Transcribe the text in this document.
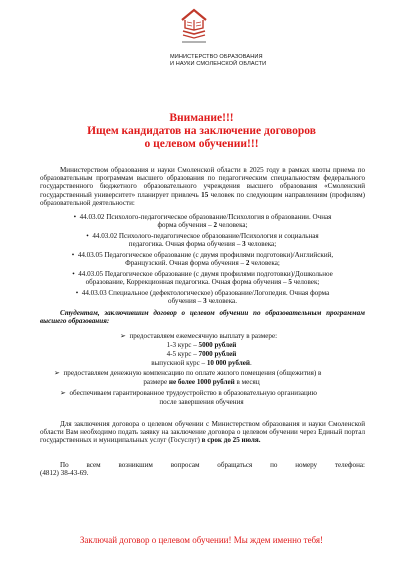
МИНИСТЕРСТВО ОБРАЗОВАНИЯ
И НАУКИ СМОЛЕНСКОЙ ОБЛАСТИ
Внимание!!!
Ищем кандидатов на заключение договоров
о целевом обучении!!!
Министерством образования и науки Смоленской области в 2025 году в рамках квоты приема по образовательным программам высшего образования по педагогическим специальностям федерального государственного бюджетного образовательного учреждения высшего образования «Смоленский государственный университет» планирует привлечь 15 человек по следующим направлениям (профилям) образовательной деятельности:
•  44.03.02 Психолого-педагогическое образование/Психология в образовании. Очная
форма обучения – 2 человека;
•  44.03.02 Психолого-педагогическое образование/Психология и социальная
педагогика. Очная форма обучения – 3 человека;
•  44.03.05 Педагогическое образование (с двумя профилями подготовки)/Английский,
Французский. Очная форма обучения – 2 человека;
•  44.03.05 Педагогическое образование (с двумя профилями подготовки)/Дошкольное
образование, Коррекционная педагогика. Очная форма обучения – 5 человек;
•  44.03.03 Специальное (дефектологическое) образование/Логопедия. Очная форма
обучения – 3 человека.
Студентам, заключившим договор о целевом обучении по образовательным программам высшего образования:
➢  предоставляем ежемесячную выплату в размере:
1-3 курс – 5000 рублей
4-5 курс – 7000 рублей
выпускной курс – 10 000 рублей.
➢  предоставляем денежную компенсацию по оплате жилого помещения (общежития) в
размере не более 1000 рублей в месяц
➢  обеспечиваем гарантированное трудоустройство в образовательную организацию
после завершения обучения
Для заключения договора о целевом обучении с Министерством образования и науки Смоленской области Вам необходимо подать заявку на заключение договора о целевом обучении через Единый портал государственных и муниципальных услуг (Госуслуг) в срок до 25 июля.
По всем возникшим вопросам обращаться по номеру телефона:
(4812) 38-43-69.
Заключай договор о целевом обучении! Мы ждем именно тебя!
